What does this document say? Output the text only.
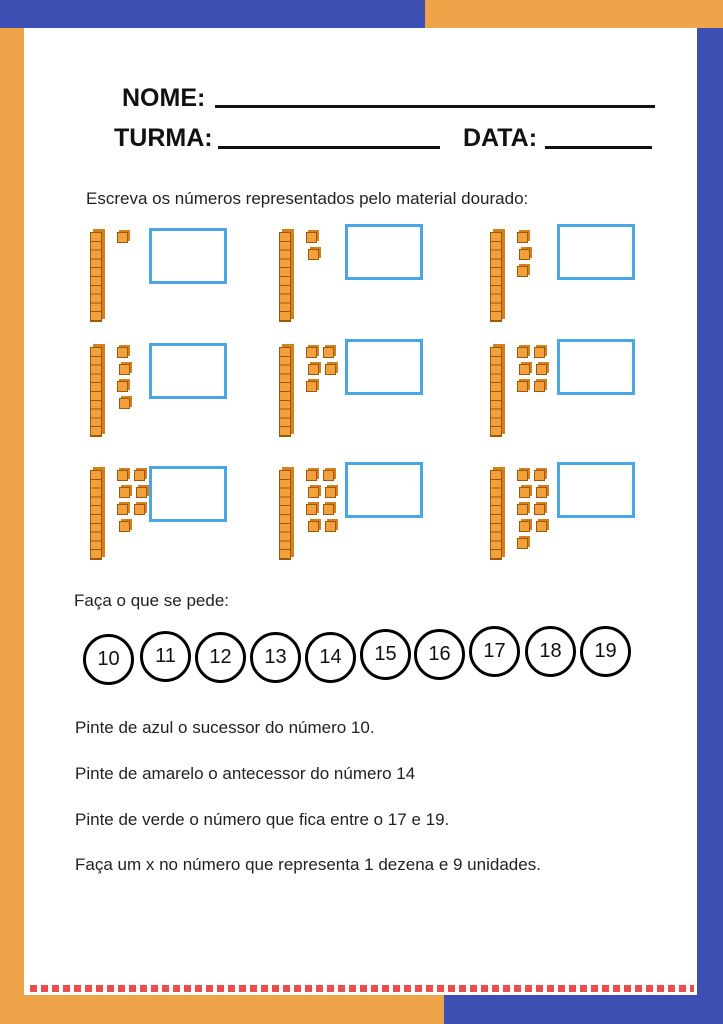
NOME:
TURMA:	DATA:
Escreva os números representados pelo material dourado:
Faça o que se pede:
10	11	12	13	14	15	16	17	18	19
Pinte de azul o sucessor do número 10.
Pinte de amarelo o antecessor do número 14
Pinte de verde o número que fica entre o 17 e 19.
Faça um x no número que representa 1 dezena e 9 unidades.
